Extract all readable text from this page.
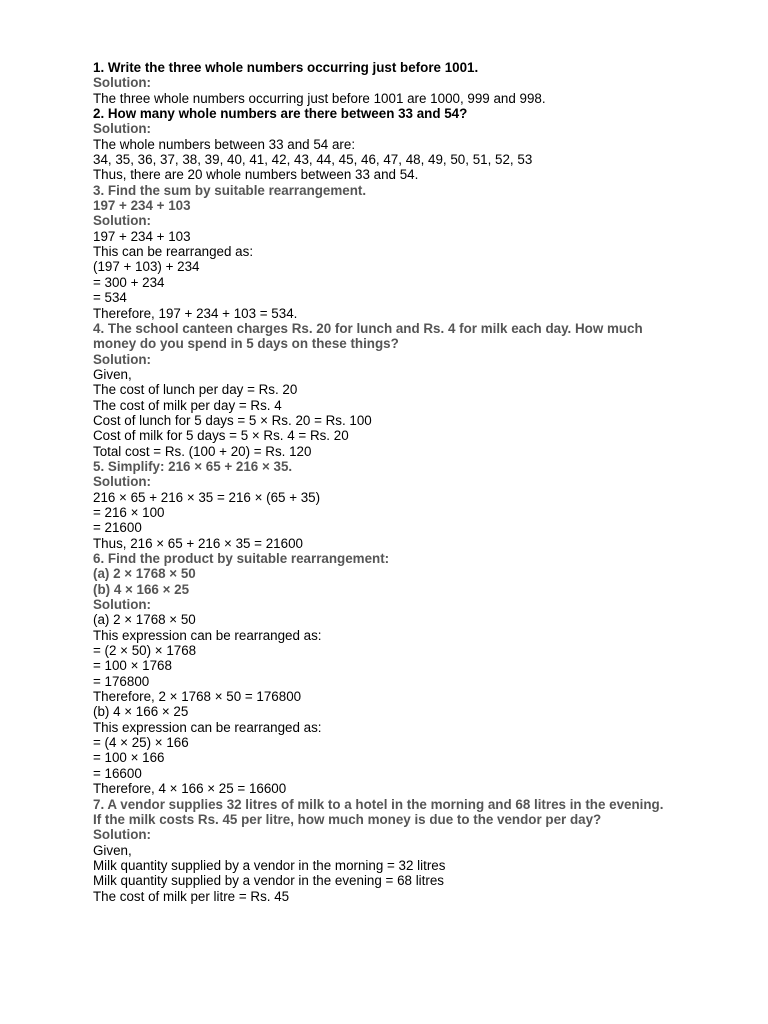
1. Write the three whole numbers occurring just before 1001.
Solution:
The three whole numbers occurring just before 1001 are 1000, 999 and 998.
2. How many whole numbers are there between 33 and 54?
Solution:
The whole numbers between 33 and 54 are:
34, 35, 36, 37, 38, 39, 40, 41, 42, 43, 44, 45, 46, 47, 48, 49, 50, 51, 52, 53
Thus, there are 20 whole numbers between 33 and 54.
3. Find the sum by suitable rearrangement.
197 + 234 + 103
Solution:
197 + 234 + 103
This can be rearranged as:
(197 + 103) + 234
= 300 + 234
= 534
Therefore, 197 + 234 + 103 = 534.
4. The school canteen charges Rs. 20 for lunch and Rs. 4 for milk each day. How much money do you spend in 5 days on these things?
Solution:
Given,
The cost of lunch per day = Rs. 20
The cost of milk per day = Rs. 4
Cost of lunch for 5 days = 5 × Rs. 20 = Rs. 100
Cost of milk for 5 days = 5 × Rs. 4 = Rs. 20
Total cost = Rs. (100 + 20) = Rs. 120
5. Simplify: 216 × 65 + 216 × 35.
Solution:
216 × 65 + 216 × 35 = 216 × (65 + 35)
= 216 × 100
= 21600
Thus, 216 × 65 + 216 × 35 = 21600
6. Find the product by suitable rearrangement:
(a) 2 × 1768 × 50
(b) 4 × 166 × 25
Solution:
(a) 2 × 1768 × 50
This expression can be rearranged as:
= (2 × 50) × 1768
= 100 × 1768
= 176800
Therefore, 2 × 1768 × 50 = 176800
(b) 4 × 166 × 25
This expression can be rearranged as:
= (4 × 25) × 166
= 100 × 166
= 16600
Therefore, 4 × 166 × 25 = 16600
7. A vendor supplies 32 litres of milk to a hotel in the morning and 68 litres in the evening. If the milk costs Rs. 45 per litre, how much money is due to the vendor per day?
Solution:
Given,
Milk quantity supplied by a vendor in the morning = 32 litres
Milk quantity supplied by a vendor in the evening = 68 litres
The cost of milk per litre = Rs. 45
